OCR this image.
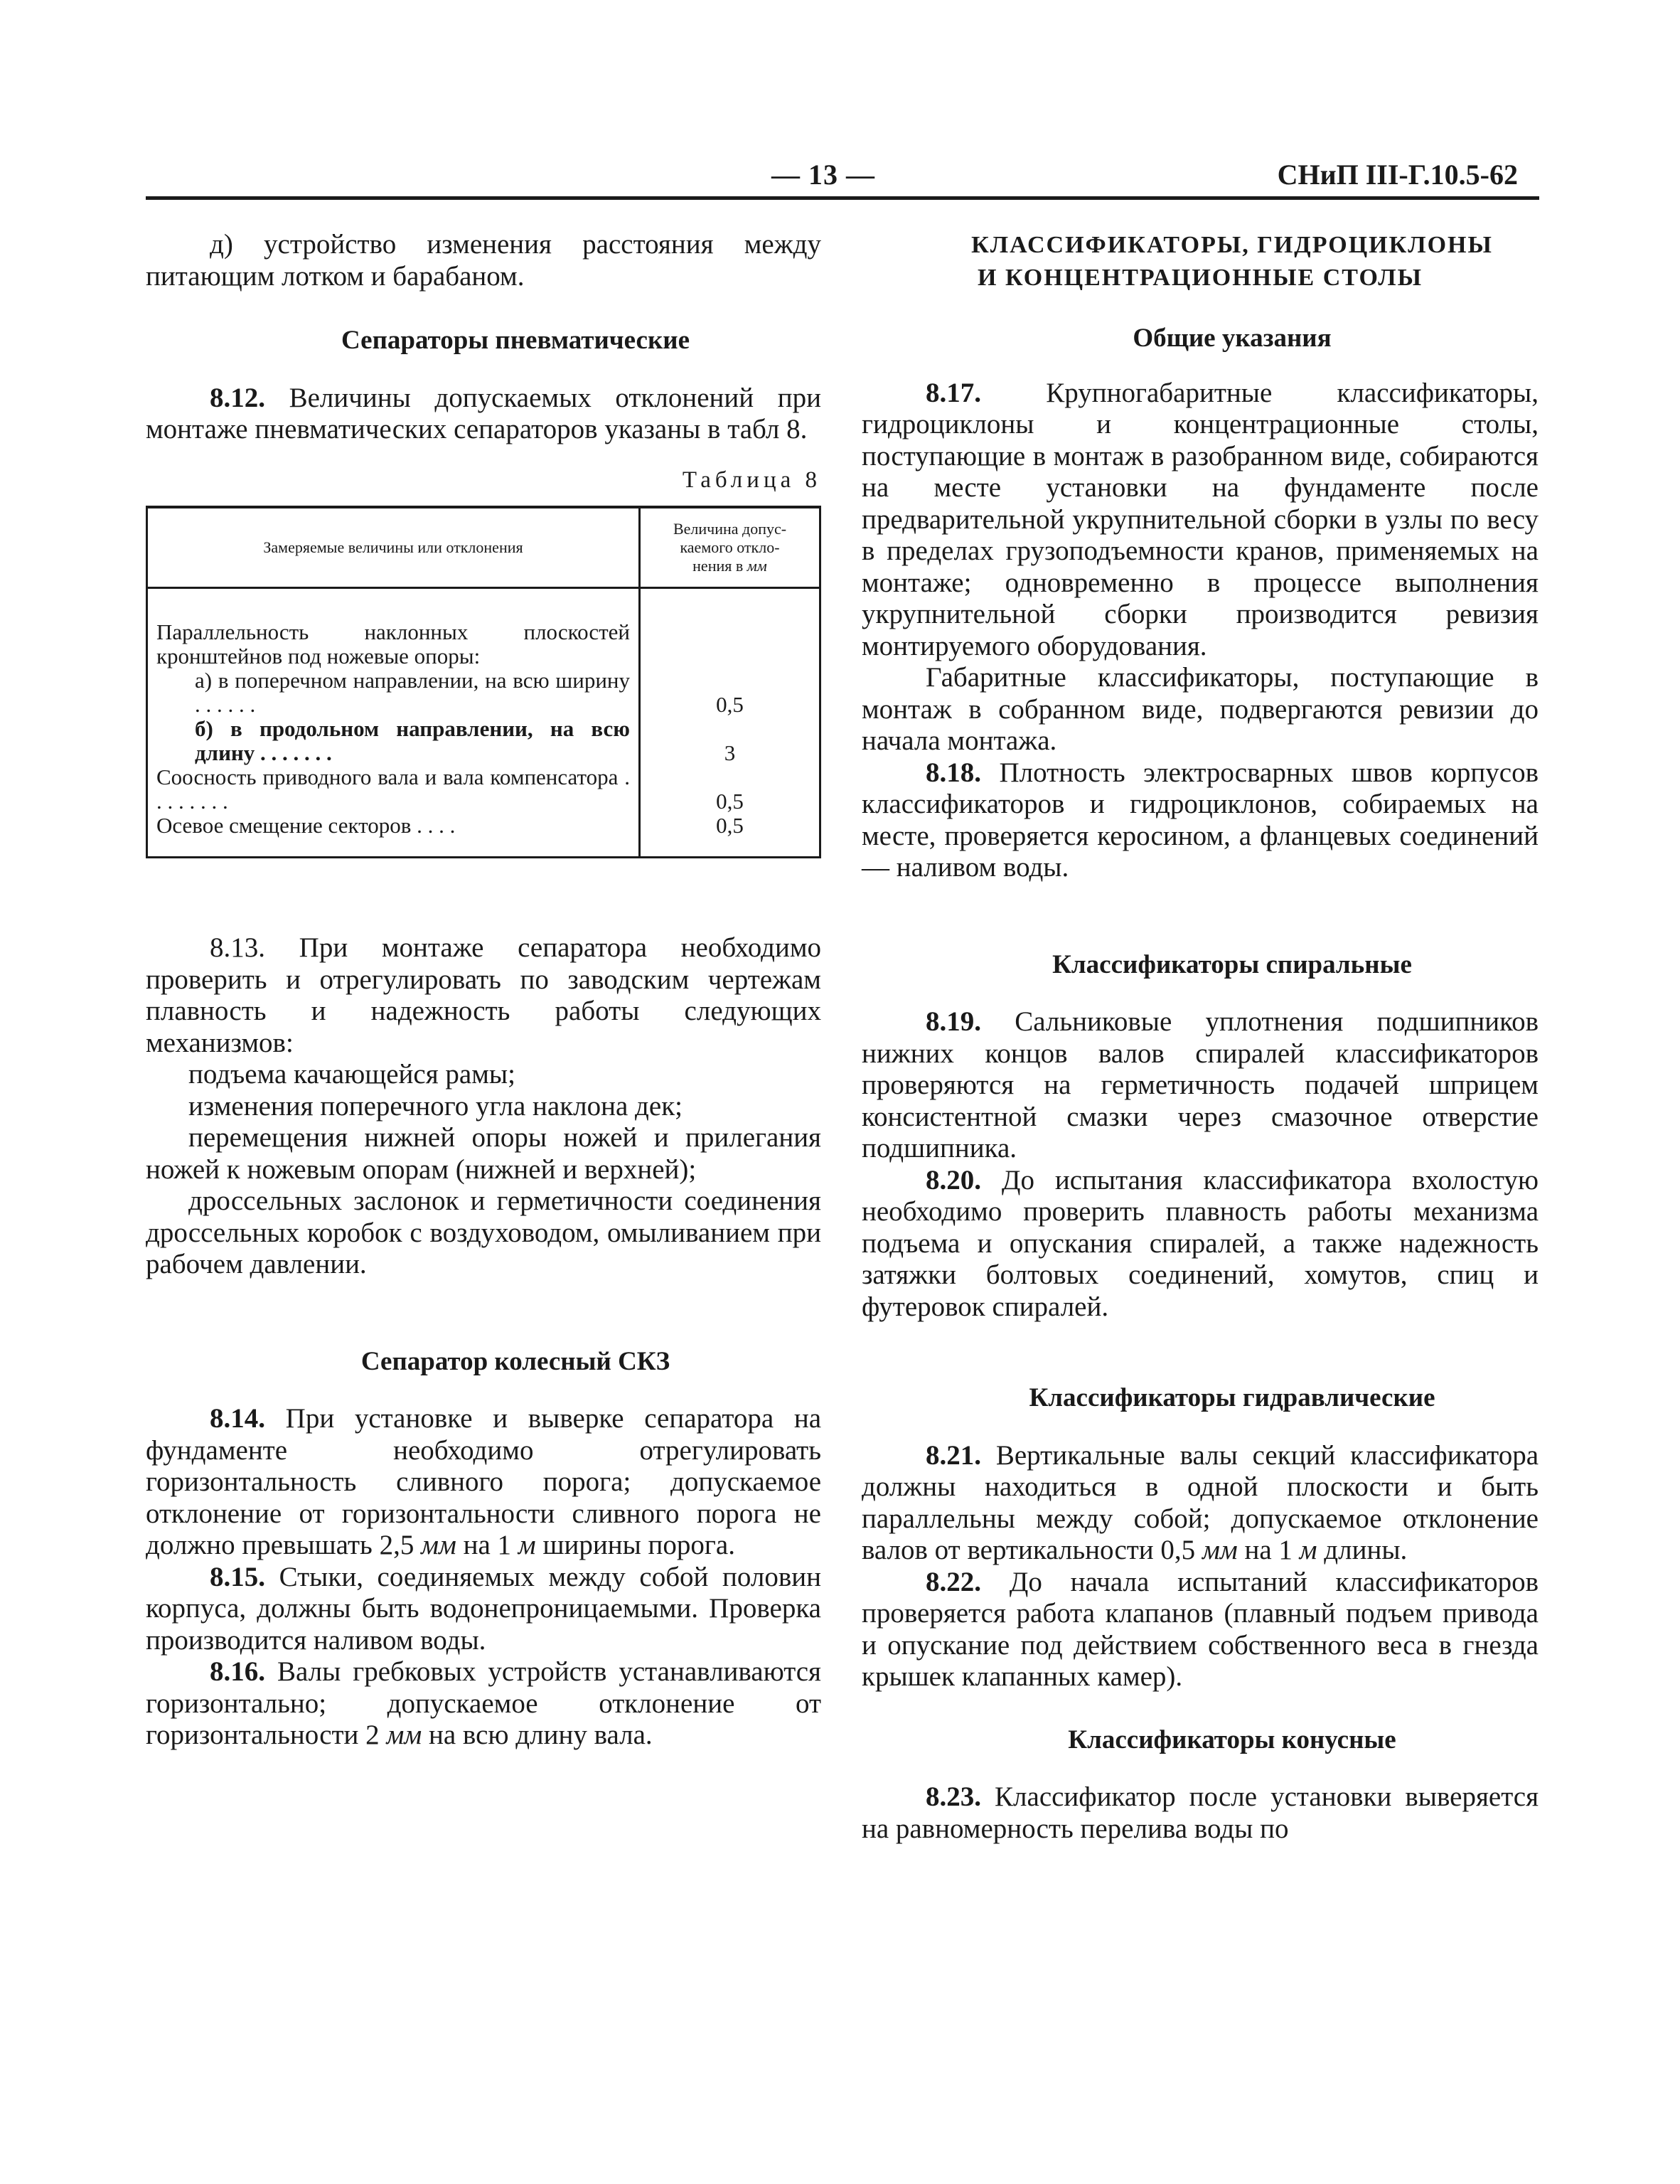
— 13 —	СНиП III-Г.10.5-62

д) устройство изменения расстояния между питающим лотком и барабаном.

Сепараторы пневматические

8.12. Величины допускаемых отклонений при монтаже пневматических сепараторов указаны в табл 8.

Таблица 8

Замеряемые величины или отклонения	Величина допус-
каемого откло-
нения в мм
Параллельность наклонных плоскостей кронштейнов под ножевые опоры:	

а) в поперечном направлении, на всю ширину . . . . . .	0,5

б) в продольном направлении, на всю длину . . . . . . .	3
Соосность приводного вала и вала компенсатора . . . . . . . .	0,5
Осевое смещение секторов . . . .	0,5

8.13. При монтаже сепаратора необходимо проверить и отрегулировать по заводским чертежам плавность и надежность работы следующих механизмов:

подъема качающейся рамы;

изменения поперечного угла наклона дек;

перемещения нижней опоры ножей и прилегания ножей к ножевым опорам (нижней и верхней);

дроссельных заслонок и герметичности соединения дроссельных коробок с воздуховодом, омыливанием при рабочем давлении.

Сепаратор колесный СКЗ

8.14. При установке и выверке сепаратора на фундаменте необходимо отрегулировать горизонтальность сливного порога; допускаемое отклонение от горизонтальности сливного порога не должно превышать 2,5 мм на 1 м ширины порога.

8.15. Стыки, соединяемых между собой половин корпуса, должны быть водонепроницаемыми. Проверка производится наливом воды.

8.16. Валы гребковых устройств устанавливаются горизонтально; допускаемое отклонение от горизонтальности 2 мм на всю длину вала.

КЛАССИФИКАТОРЫ, ГИДРОЦИКЛОНЫ
И КОНЦЕНТРАЦИОННЫЕ СТОЛЫ

Общие указания

8.17. Крупногабаритные классификаторы, гидроциклоны и концентрационные столы, поступающие в монтаж в разобранном виде, собираются на месте установки на фундаменте после предварительной укрупнительной сборки в узлы по весу в пределах грузоподъемности кранов, применяемых на монтаже; одновременно в процессе выполнения укрупнительной сборки производится ревизия монтируемого оборудования.

Габаритные классификаторы, поступающие в монтаж в собранном виде, подвергаются ревизии до начала монтажа.

8.18. Плотность электросварных швов корпусов классификаторов и гидроциклонов, собираемых на месте, проверяется керосином, а фланцевых соединений — наливом воды.

Классификаторы спиральные

8.19. Сальниковые уплотнения подшипников нижних концов валов спиралей классификаторов проверяются на герметичность подачей шприцем консистентной смазки через смазочное отверстие подшипника.

8.20. До испытания классификатора вхолостую необходимо проверить плавность работы механизма подъема и опускания спиралей, а также надежность затяжки болтовых соединений, хомутов, спиц и футеровок спиралей.

Классификаторы гидравлические

8.21. Вертикальные валы секций классификатора должны находиться в одной плоскости и быть параллельны между собой; допускаемое отклонение валов от вертикальности 0,5 мм на 1 м длины.

8.22. До начала испытаний классификаторов проверяется работа клапанов (плавный подъем привода и опускание под действием собственного веса в гнезда крышек клапанных камер).

Классификаторы конусные

8.23. Классификатор после установки выверяется на равномерность перелива воды по
